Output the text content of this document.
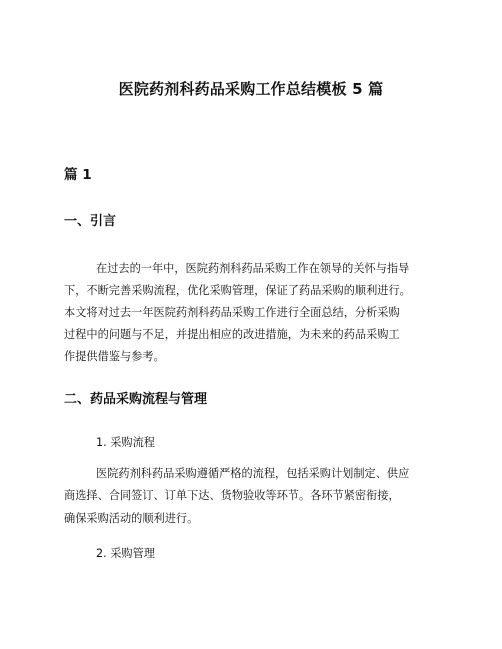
医院药剂科药品采购工作总结模板 5 篇
篇 1
一、引言
在过去的一年中，医院药剂科药品采购工作在领导的关怀与指导
下，不断完善采购流程，优化采购管理，保证了药品采购的顺利进行。
本文将对过去一年医院药剂科药品采购工作进行全面总结，分析采购
过程中的问题与不足，并提出相应的改进措施，为未来的药品采购工
作提供借鉴与参考。
二、药品采购流程与管理
1. 采购流程
医院药剂科药品采购遵循严格的流程，包括采购计划制定、供应
商选择、合同签订、订单下达、货物验收等环节。各环节紧密衔接，
确保采购活动的顺利进行。
2. 采购管理
